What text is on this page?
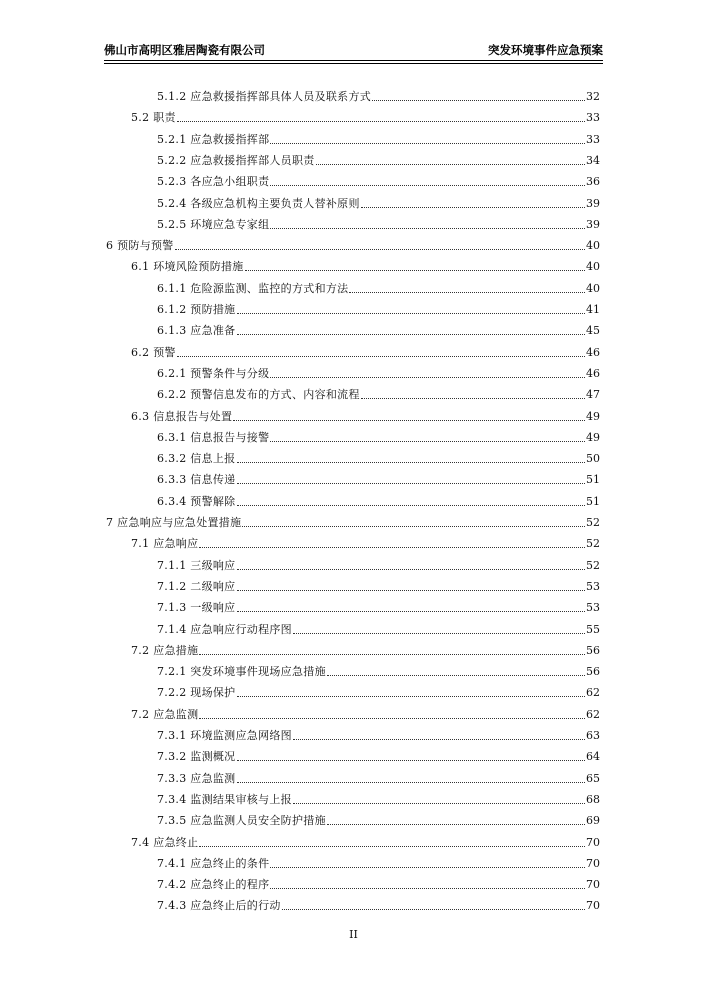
佛山市高明区雅居陶瓷有限公司	突发环境事件应急预案
5.1.2 应急救援指挥部具体人员及联系方式	32
5.2 职责	33
5.2.1 应急救援指挥部	33
5.2.2 应急救援指挥部人员职责	34
5.2.3 各应急小组职责	36
5.2.4 各级应急机构主要负责人替补原则	39
5.2.5 环境应急专家组	39
6 预防与预警	40
6.1 环境风险预防措施	40
6.1.1 危险源监测、监控的方式和方法	40
6.1.2 预防措施	41
6.1.3 应急准备	45
6.2 预警	46
6.2.1 预警条件与分级	46
6.2.2 预警信息发布的方式、内容和流程	47
6.3 信息报告与处置	49
6.3.1 信息报告与接警	49
6.3.2 信息上报	50
6.3.3 信息传递	51
6.3.4 预警解除	51
7 应急响应与应急处置措施	52
7.1 应急响应	52
7.1.1 三级响应	52
7.1.2 二级响应	53
7.1.3 一级响应	53
7.1.4 应急响应行动程序图	55
7.2 应急措施	56
7.2.1 突发环境事件现场应急措施	56
7.2.2 现场保护	62
7.2 应急监测	62
7.3.1 环境监测应急网络图	63
7.3.2 监测概况	64
7.3.3 应急监测	65
7.3.4 监测结果审核与上报	68
7.3.5 应急监测人员安全防护措施	69
7.4 应急终止	70
7.4.1 应急终止的条件	70
7.4.2 应急终止的程序	70
7.4.3 应急终止后的行动	70
II
